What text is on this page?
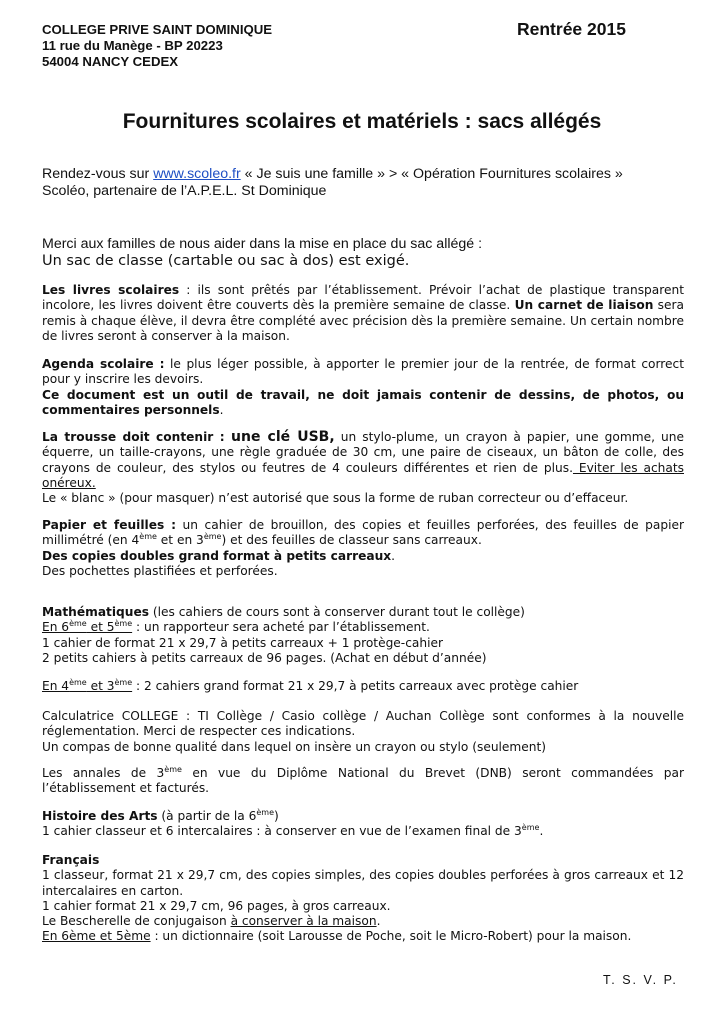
COLLEGE PRIVE SAINT DOMINIQUE
11 rue du Manège - BP 20223
54004 NANCY CEDEX
Rentrée 2015
Fournitures scolaires et matériels : sacs allégés

Rendez-vous sur www.scoleo.fr « Je suis une famille » > « Opération Fournitures scolaires »

Scoléo, partenaire de l’A.P.E.L. St Dominique

Merci aux familles de nous aider dans la mise en place du sac allégé :

Un sac de classe (cartable ou sac à dos) est exigé.

Les livres scolaires : ils sont prêtés par l’établissement. Prévoir l’achat de plastique transparent incolore, les livres doivent être couverts dès la première semaine de classe. Un carnet de liaison sera remis à chaque élève, il devra être complété avec précision dès la première semaine. Un certain nombre de livres seront à conserver à la maison.

Agenda scolaire : le plus léger possible, à apporter le premier jour de la rentrée, de format correct pour y inscrire les devoirs.

Ce document est un outil de travail, ne doit jamais contenir de dessins, de photos, ou commentaires personnels.

La trousse doit contenir : une clé USB, un stylo-plume, un crayon à papier, une gomme, une équerre, un taille-crayons, une règle graduée de 30 cm, une paire de ciseaux, un bâton de colle, des crayons de couleur, des stylos ou feutres de 4 couleurs différentes et rien de plus. Eviter les achats onéreux.

Le « blanc » (pour masquer) n’est autorisé que sous la forme de ruban correcteur ou d’effaceur.

Papier et feuilles : un cahier de brouillon, des copies et feuilles perforées, des feuilles de papier millimétré (en 4ème et en 3ème) et des feuilles de classeur sans carreaux.

Des copies doubles grand format à petits carreaux.

Des pochettes plastifiées et perforées.

Mathématiques (les cahiers de cours sont à conserver durant tout le collège)

En 6ème et 5ème : un rapporteur sera acheté par l’établissement.

1 cahier de format 21 x 29,7 à petits carreaux + 1 protège-cahier

2 petits cahiers à petits carreaux de 96 pages. (Achat en début d’année)

En 4ème et 3ème : 2 cahiers grand format 21 x 29,7 à petits carreaux avec protège cahier

Calculatrice COLLEGE : TI Collège / Casio collège / Auchan Collège sont conformes à la nouvelle réglementation. Merci de respecter ces indications.

Un compas de bonne qualité dans lequel on insère un crayon ou stylo (seulement)

Les annales de 3ème en vue du Diplôme National du Brevet (DNB) seront commandées par l’établissement et facturés.

Histoire des Arts (à partir de la 6ème)

1 cahier classeur et 6 intercalaires : à conserver en vue de l’examen final de 3ème.

Français

1 classeur, format 21 x 29,7 cm, des copies simples, des copies doubles perforées à gros carreaux et 12 intercalaires en carton.

1 cahier format 21 x 29,7 cm, 96 pages, à gros carreaux.

Le Bescherelle de conjugaison à conserver à la maison.

En 6ème et 5ème : un dictionnaire (soit Larousse de Poche, soit le Micro-Robert) pour la maison.

T. S. V. P.
